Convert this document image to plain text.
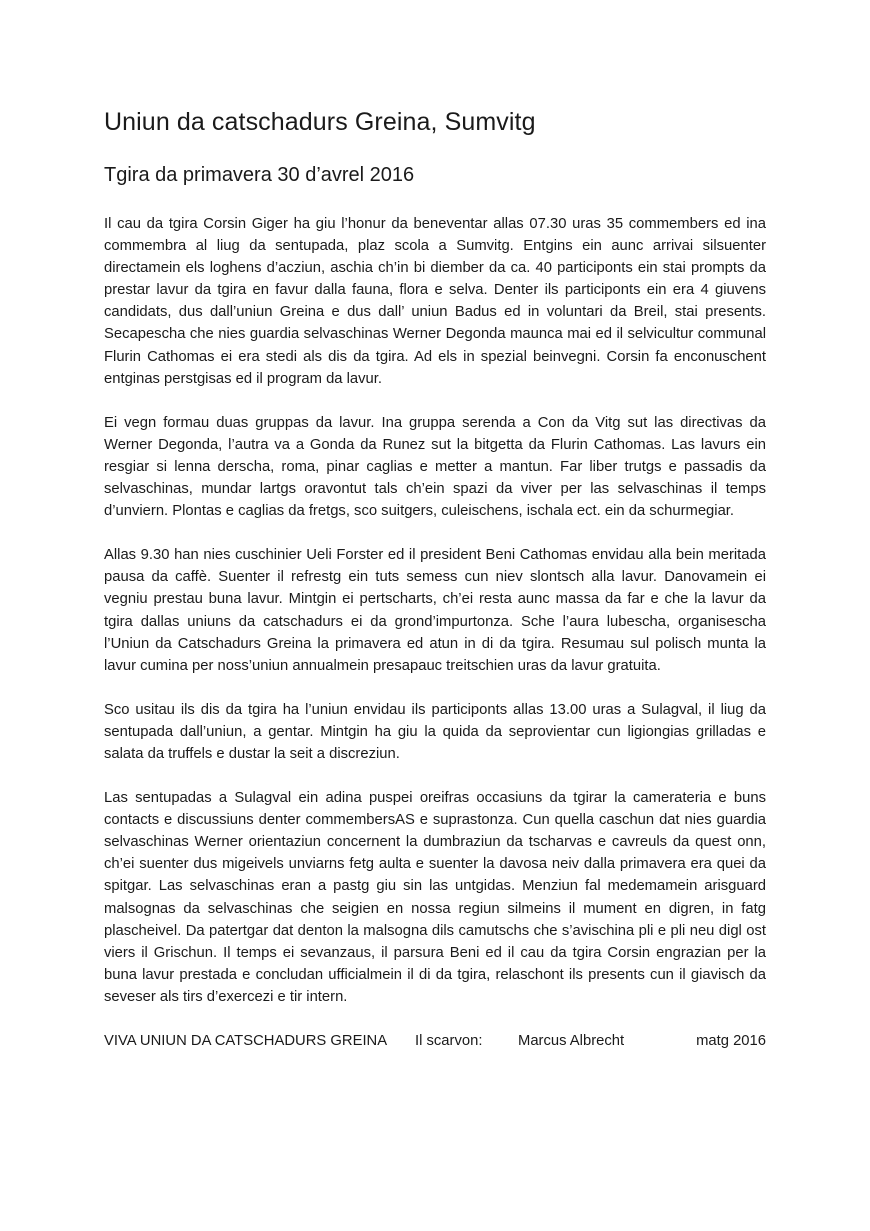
Uniun da catschadurs Greina, Sumvitg
Tgira da primavera 30 d’avrel 2016

Il cau da tgira Corsin Giger ha giu l’honur da beneventar allas 07.30 uras 35 commembers ed ina commembra al liug da sentupada, plaz scola a Sumvitg. Entgins ein aunc arrivai silsuenter directamein els loghens d’acziun, aschia ch’in bi diember da ca. 40 participonts ein stai prompts da prestar lavur da tgira en favur dalla fauna, flora e selva. Denter ils participonts ein era 4 giuvens candidats, dus dall’uniun Greina e dus dall’ uniun Badus ed in voluntari da Breil, stai presents. Secapescha che nies guardia selvaschinas Werner Degonda maunca mai ed il selvicultur communal Flurin Cathomas ei era stedi als dis da tgira. Ad els in spezial beinvegni. Corsin fa enconuschent entginas perstgisas ed il program da lavur.

Ei vegn formau duas gruppas da lavur. Ina gruppa serenda a Con da Vitg sut las directivas da Werner Degonda, l’autra va a Gonda da Runez sut la bitgetta da Flurin Cathomas. Las lavurs ein resgiar si lenna derscha, roma, pinar caglias e metter a mantun. Far liber trutgs e passadis da selvaschinas, mundar lartgs oravontut tals ch’ein spazi da viver per las selvaschinas il temps d’unviern. Plontas e caglias da fretgs, sco suitgers, culeischens, ischala ect. ein da schurmegiar.

Allas 9.30 han nies cuschinier Ueli Forster ed il president Beni Cathomas envidau alla bein meritada pausa da caffè. Suenter il refrestg ein tuts semess cun niev slontsch alla lavur. Danovamein ei vegniu prestau buna lavur. Mintgin ei pertscharts, ch’ei resta aunc massa da far e che la lavur da tgira dallas uniuns da catschadurs ei da grond’impurtonza. Sche l’aura lubescha, organisescha l’Uniun da Catschadurs Greina la primavera ed atun in di da tgira. Resumau sul polisch munta la lavur cumina per noss’uniun annualmein presapauc treitschien uras da lavur gratuita.

Sco usitau ils dis da tgira ha l’uniun envidau ils participonts allas 13.00 uras a Sulagval, il liug da sentupada dall’uniun, a gentar. Mintgin ha giu la quida da seprovientar cun ligiongias grilladas e salata da truffels e dustar la seit a discreziun.

Las sentupadas a Sulagval ein adina puspei oreifras occasiuns da tgirar la camerateria e buns contacts e discussiuns denter commembersAS e suprastonza. Cun quella caschun dat nies guardia selvaschinas Werner orientaziun concernent la dumbraziun da tscharvas e cavreuls da quest onn, ch’ei suenter dus migeivels unviarns fetg aulta e suenter la davosa neiv dalla primavera era quei da spitgar. Las selvaschinas eran a pastg giu sin las untgidas. Menziun fal medemamein arisguard malsognas da selvaschinas che seigien en nossa regiun silmeins il mument en digren, in fatg plascheivel. Da patertgar dat denton la malsogna dils camutschs che s’avischina pli e pli neu digl ost viers il Grischun. Il temps ei sevanzaus, il parsura Beni ed il cau da tgira Corsin engrazian per la buna lavur prestada e concludan ufficialmein il di da tgira, relaschont ils presents cun il giavisch da seveser als tirs d’exercezi e tir intern.

VIVA UNIUN DA CATSCHADURS GREINA Il scarvon: Marcus Albrecht	matg 2016
